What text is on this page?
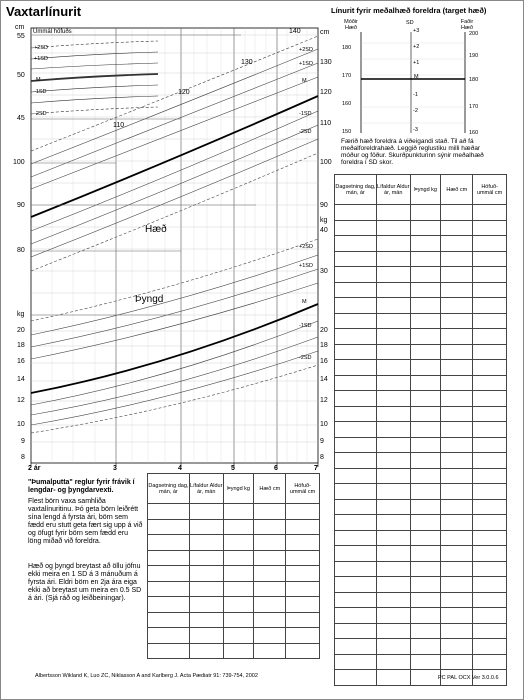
Vaxtarlínurit	Línurit fyrir meðalhæð foreldra (target hæð)
2 ár	3	4	5	6	7
cm
55
50
45
100
90
80
kg
20
18
16
14
12
10
9
8
cm
130
120
110
100
90
140
kg
40
30
20
18
16
14
12
10
9
8
130
120
110
Ummál höfuðs
+2SD
+1SD
M
-1SD
-2SD
+2SD
+1SD
M
-1SD
-2SD
+2SD
+1SD
M
-1SD
-2SD
Hæð
Þyngd
Móðir Hæð
SD	Faðir Hæð
180
170
160
150
200
190
180
170
160
+3
+2
+1
M
-1
-2
-3
Færið hæð foreldra á viðeigandi stað. Til að fá meðalforeldrahæð. Leggið reglustiku milli hæðar móður og föður. Skurðpunkturinn sýnir meðalhæð foreldra í SD skor.
Dagsetning dag, mán, ár	Lífaldur Aldur ár, mán	Þyngd kg	Hæð cm	Höfuð-ummál cm

Dagsetning dag, mán, ár	Lífaldur Aldur ár, mán	Þyngd kg	Hæð cm	Höfuð-ummál cm

"Þumalputta" reglur fyrir frávik í lengdar- og þyngdarvexti.
Flest börn vaxa samhliða vaxtalínuritinu. Þó geta börn leiðrétt sína lengd á fyrsta ári, börn sem fædd eru stutt geta fært sig upp á við og öfugt fyrir börn sem fædd eru löng miðað við foreldra.
Hæð og þyngd breytast að öllu jöfnu ekki meira en 1 SD á 3 mánuðum á fyrsta ári. Eldri börn en 2ja ára eiga ekki að breytast um meira en 0.5 SD á ári. (Sjá ráð og leiðbeiningar).
Albertsson Wikland K, Luo ZC, Niklasson A and Karlberg J. Acta Pædiatr 91: 739-754, 2002	PC PAL OCX Ver 3.0.0.6
